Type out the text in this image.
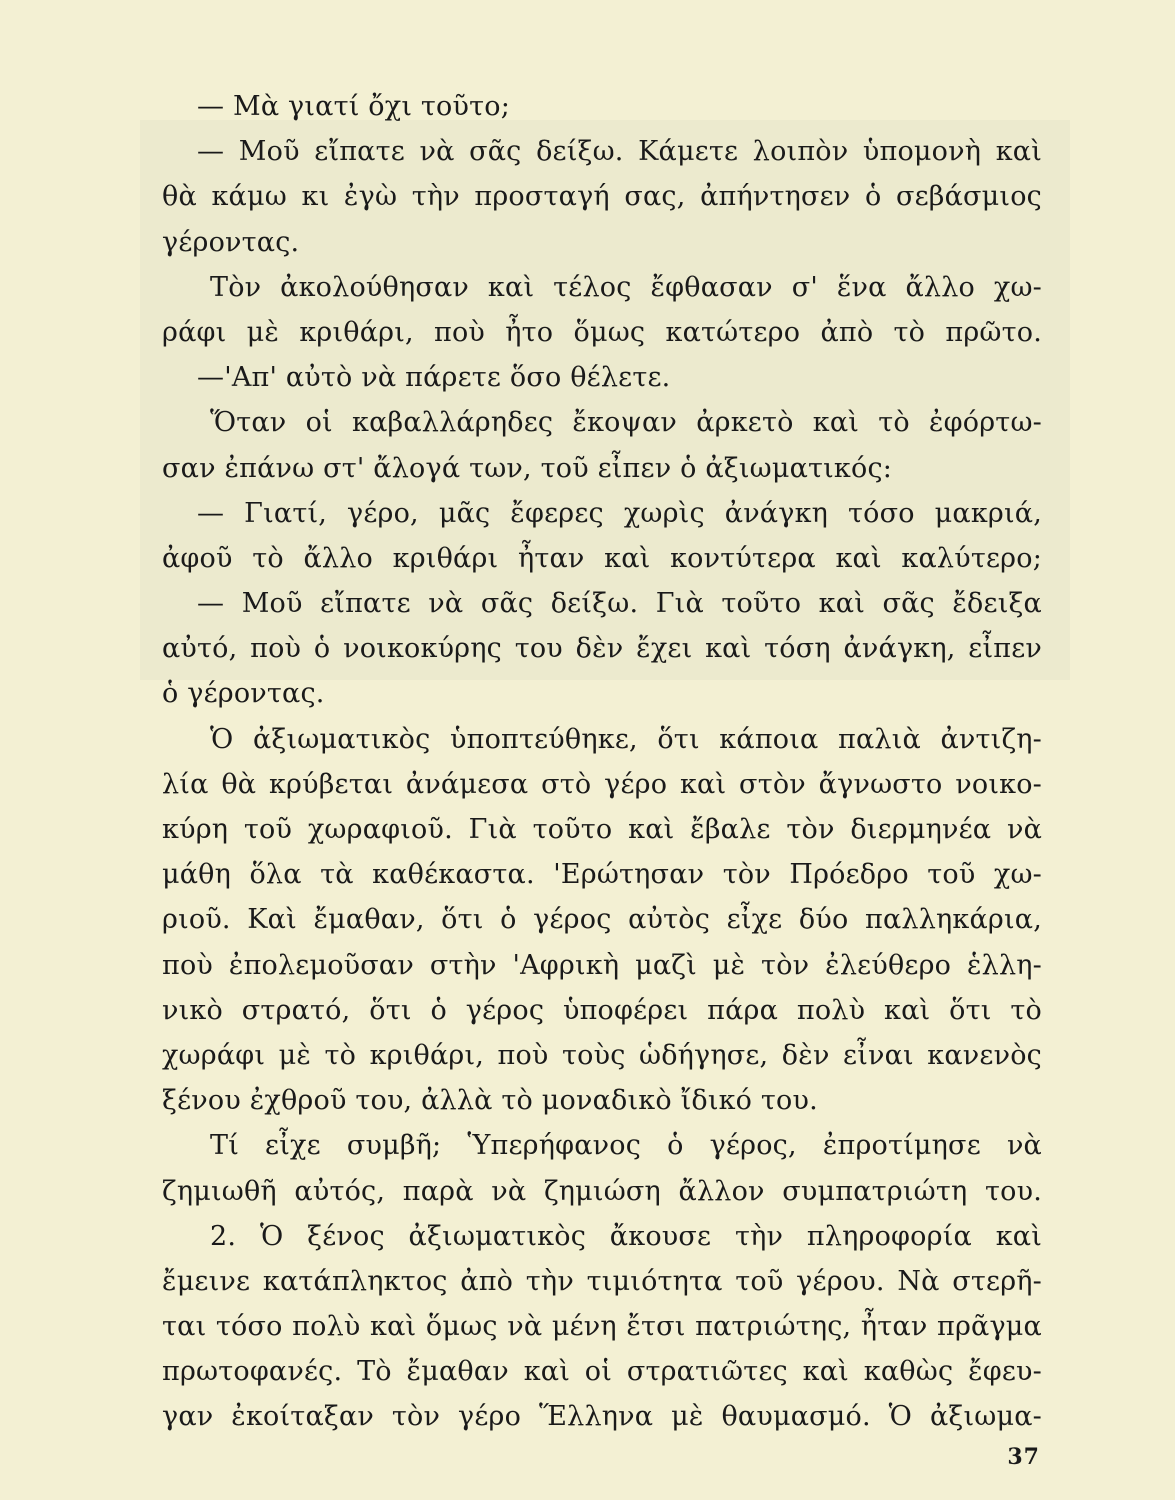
— Μὰ γιατί ὄχι τοῦτο;
— Μοῦ εἴπατε νὰ σᾶς δείξω. Κάμετε λοιπὸν ὑπομονὴ καὶ
θὰ κάμω κι ἐγὼ τὴν προσταγή σας, ἀπήντησεν ὁ σεβάσμιος
γέροντας.
Τὸν ἀκολούθησαν καὶ τέλος ἔφθασαν σ' ἕνα ἄλλο χω-
ράφι μὲ κριθάρι, ποὺ ἦτο ὅμως κατώτερο ἀπὸ τὸ πρῶτο.
—'Απ' αὐτὸ νὰ πάρετε ὅσο θέλετε.
Ὅταν οἱ καβαλλάρηδες ἔκοψαν ἀρκετὸ καὶ τὸ ἐφόρτω-
σαν ἐπάνω στ' ἄλογά των, τοῦ εἶπεν ὁ ἀξιωματικός:
— Γιατί, γέρο, μᾶς ἔφερες χωρὶς ἀνάγκη τόσο μακριά,
ἀφοῦ τὸ ἄλλο κριθάρι ἦταν καὶ κοντύτερα καὶ καλύτερο;
— Μοῦ εἴπατε νὰ σᾶς δείξω. Γιὰ τοῦτο καὶ σᾶς ἔδειξα
αὐτό, ποὺ ὁ νοικοκύρης του δὲν ἔχει καὶ τόση ἀνάγκη, εἶπεν
ὁ γέροντας.
Ὁ ἀξιωματικὸς ὑποπτεύθηκε, ὅτι κάποια παλιὰ ἀντιζη-
λία θὰ κρύβεται ἀνάμεσα στὸ γέρο καὶ στὸν ἄγνωστο νοικο-
κύρη τοῦ χωραφιοῦ. Γιὰ τοῦτο καὶ ἔβαλε τὸν διερμηνέα νὰ
μάθη ὅλα τὰ καθέκαστα. 'Ερώτησαν τὸν Πρόεδρο τοῦ χω-
ριοῦ. Καὶ ἔμαθαν, ὅτι ὁ γέρος αὐτὸς εἶχε δύο παλληκάρια,
ποὺ ἐπολεμοῦσαν στὴν 'Αφρικὴ μαζὶ μὲ τὸν ἐλεύθερο ἑλλη-
νικὸ στρατό, ὅτι ὁ γέρος ὑποφέρει πάρα πολὺ καὶ ὅτι τὸ
χωράφι μὲ τὸ κριθάρι, ποὺ τοὺς ὡδήγησε, δὲν εἶναι κανενὸς
ξένου ἐχθροῦ του, ἀλλὰ τὸ μοναδικὸ ἴδικό του.
Τί εἶχε συμβῆ; Ὑπερήφανος ὁ γέρος, ἐπροτίμησε νὰ
ζημιωθῆ αὐτός, παρὰ νὰ ζημιώση ἄλλον συμπατριώτη του.
2. Ὁ ξένος ἀξιωματικὸς ἄκουσε τὴν πληροφορία καὶ
ἔμεινε κατάπληκτος ἀπὸ τὴν τιμιότητα τοῦ γέρου. Νὰ στερῆ-
ται τόσο πολὺ καὶ ὅμως νὰ μένη ἔτσι πατριώτης, ἦταν πρᾶγμα
πρωτοφανές. Τὸ ἔμαθαν καὶ οἱ στρατιῶτες καὶ καθὼς ἔφευ-
γαν ἐκοίταξαν τὸν γέρο Ἕλληνα μὲ θαυμασμό. Ὁ ἀξιωμα-
37
